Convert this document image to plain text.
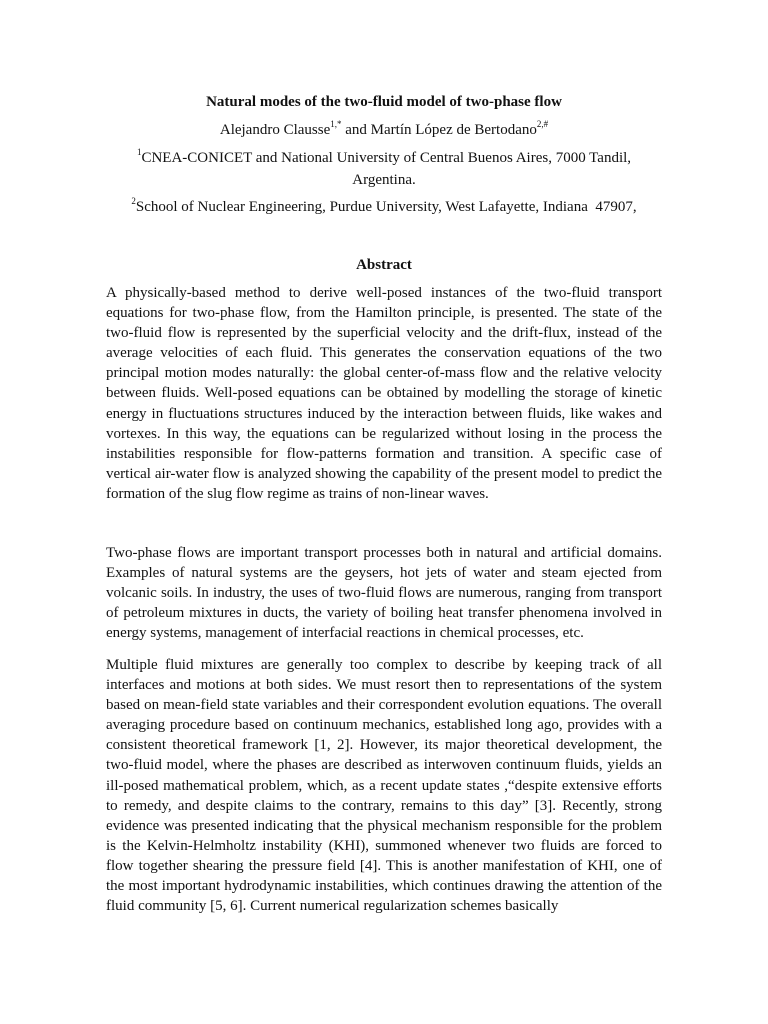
Natural modes of the two-fluid model of two-phase flow
Alejandro Clausse$^{1,*}$ and Martín López de Bertodano$^{2,\#}$
$^1$CNEA-CONICET and National University of Central Buenos Aires, 7000 Tandil, Argentina.
$^2$School of Nuclear Engineering, Purdue University, West Lafayette, Indiana  47907,
Abstract

A physically-based method to derive well-posed instances of the two-fluid transport equations for two-phase flow, from the Hamilton principle, is presented. The state of the two-fluid flow is represented by the superficial velocity and the drift-flux, instead of the average velocities of each fluid. This generates the conservation equations of the two principal motion modes naturally: the global center-of-mass flow and the relative velocity between fluids. Well-posed equations can be obtained by modelling the storage of kinetic energy in fluctuations structures induced by the interaction between fluids, like wakes and vortexes. In this way, the equations can be regularized without losing in the process the instabilities responsible for flow-patterns formation and transition. A specific case of vertical air-water flow is analyzed showing the capability of the present model to predict the formation of the slug flow regime as trains of non-linear waves.

Two-phase flows are important transport processes both in natural and artificial domains. Examples of natural systems are the geysers, hot jets of water and steam ejected from volcanic soils. In industry, the uses of two-fluid flows are numerous, ranging from transport of petroleum mixtures in ducts, the variety of boiling heat transfer phenomena involved in energy systems, management of interfacial reactions in chemical processes, etc.

Multiple fluid mixtures are generally too complex to describe by keeping track of all interfaces and motions at both sides. We must resort then to representations of the system based on mean-field state variables and their correspondent evolution equations. The overall averaging procedure based on continuum mechanics, established long ago, provides with a consistent theoretical framework [1, 2]. However, its major theoretical development, the two-fluid model, where the phases are described as interwoven continuum fluids, yields an ill-posed mathematical problem, which, as a recent update states ,“despite extensive efforts to remedy, and despite claims to the contrary, remains to this day” [3]. Recently, strong evidence was presented indicating that the physical mechanism responsible for the problem is the Kelvin-Helmholtz instability (KHI), summoned whenever two fluids are forced to flow together shearing the pressure field [4]. This is another manifestation of KHI, one of the most important hydrodynamic instabilities, which continues drawing the attention of the fluid community [5, 6]. Current numerical regularization schemes basically
